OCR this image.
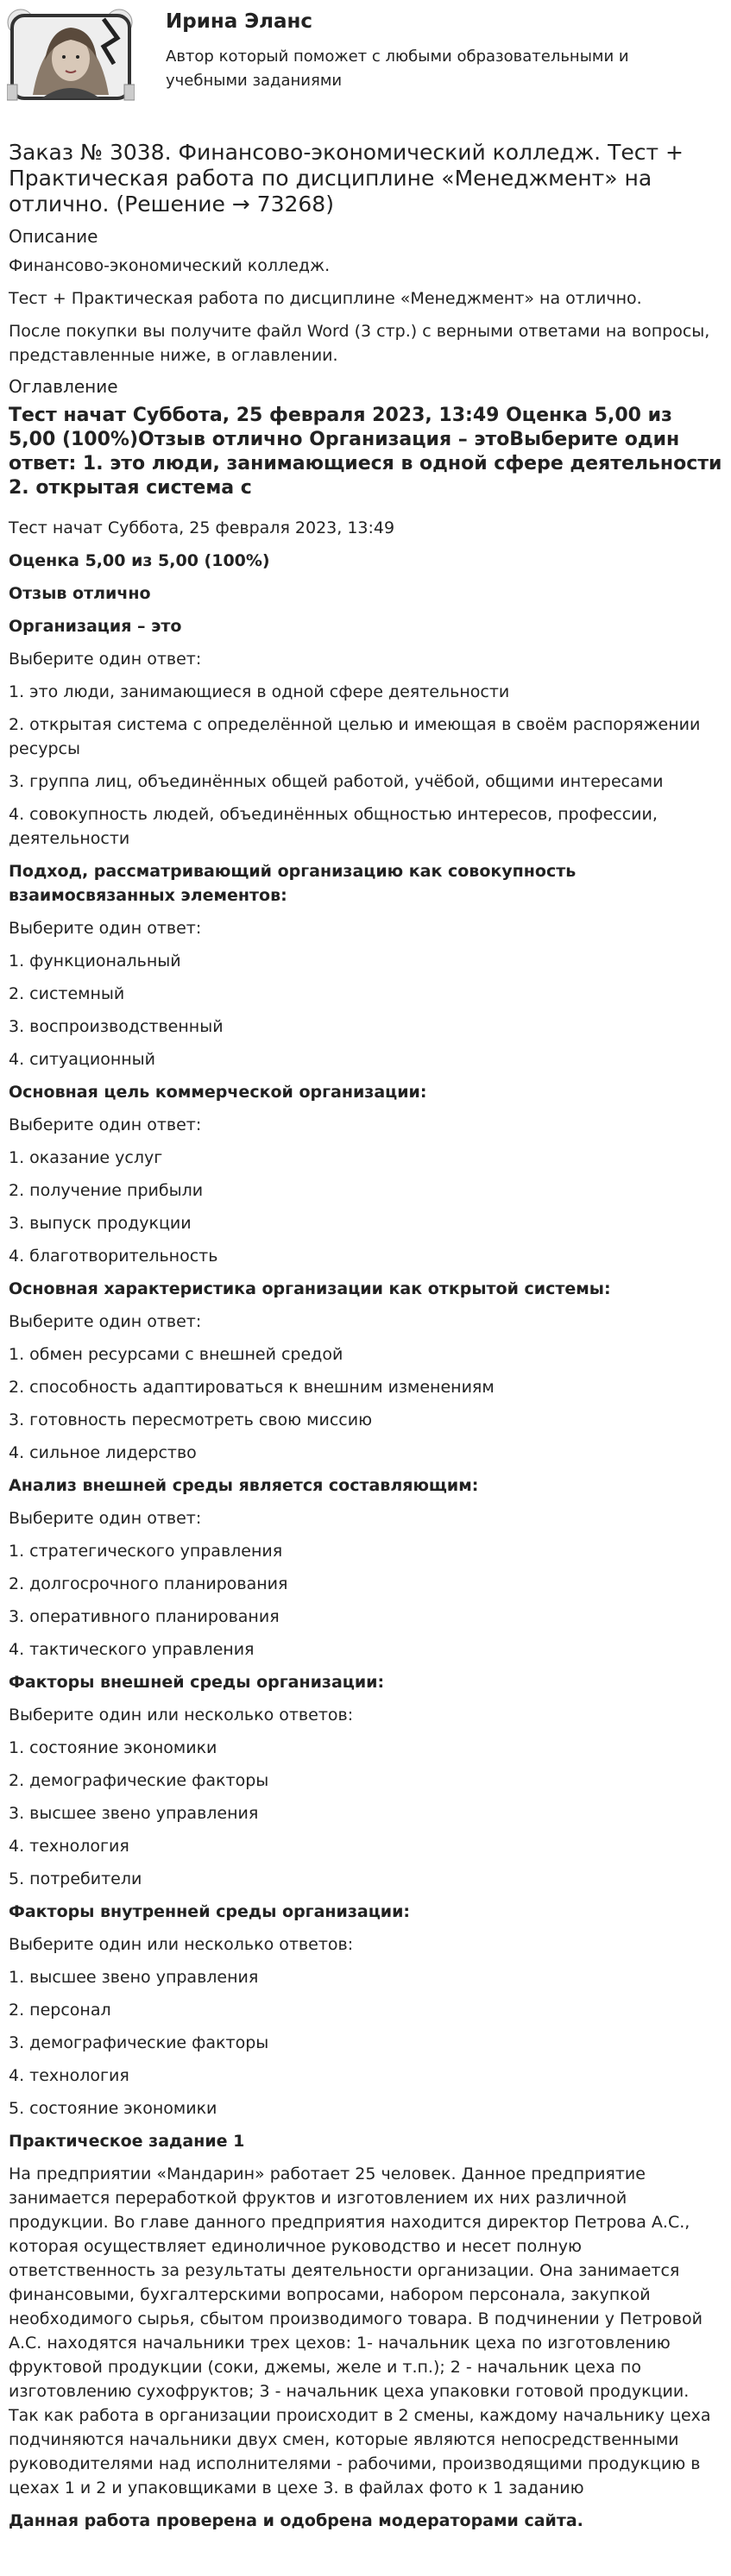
Ирина Эланс
Автор который поможет с любыми образовательными и учебными заданиями
Заказ № 3038. Финансово-экономический колледж. Тест + Практическая работа по дисциплине «Менеджмент» на отлично. (Решение → 73268)
Описание
Финансово-экономический колледж.
Тест + Практическая работа по дисциплине «Менеджмент» на отлично.
После покупки вы получите файл Word (3 стр.) с верными ответами на вопросы, представленные ниже, в оглавлении.
Оглавление
Тест начат Суббота, 25 февраля 2023, 13:49 Оценка 5,00 из 5,00 (100%)Отзыв отлично Организация – этоВыберите один ответ: 1. это люди, занимающиеся в одной сфере деятельности 2. открытая система с
Тест начат Суббота, 25 февраля 2023, 13:49
Оценка 5,00 из 5,00 (100%)
Отзыв отлично
Организация – это
Выберите один ответ:
1. это люди, занимающиеся в одной сфере деятельности
2. открытая система с определённой целью и имеющая в своём распоряжении ресурсы
3. группа лиц, объединённых общей работой, учёбой, общими интересами
4. совокупность людей, объединённых общностью интересов, профессии, деятельности
Подход, рассматривающий организацию как совокупность взаимосвязанных элементов:
Выберите один ответ:
1. функциональный
2. системный
3. воспроизводственный
4. ситуационный
Основная цель коммерческой организации:
Выберите один ответ:
1. оказание услуг
2. получение прибыли
3. выпуск продукции
4. благотворительность
Основная характеристика организации как открытой системы:
Выберите один ответ:
1. обмен ресурсами с внешней средой
2. способность адаптироваться к внешним изменениям
3. готовность пересмотреть свою миссию
4. сильное лидерство
Анализ внешней среды является составляющим:
Выберите один ответ:
1. стратегического управления
2. долгосрочного планирования
3. оперативного планирования
4. тактического управления
Факторы внешней среды организации:
Выберите один или несколько ответов:
1. состояние экономики
2. демографические факторы
3. высшее звено управления
4. технология
5. потребители
Факторы внутренней среды организации:
Выберите один или несколько ответов:
1. высшее звено управления
2. персонал
3. демографические факторы
4. технология
5. состояние экономики
Практическое задание 1
На предприятии «Мандарин» работает 25 человек. Данное предприятие занимается переработкой фруктов и изготовлением их них различной продукции. Во главе данного предприятия находится директор Петрова А.С., которая осуществляет единоличное руководство и несет полную ответственность за результаты деятельности организации. Она занимается финансовыми, бухгалтерскими вопросами, набором персонала, закупкой необходимого сырья, сбытом производимого товара. В подчинении у Петровой А.С. находятся начальники трех цехов: 1- начальник цеха по изготовлению фруктовой продукции (соки, джемы, желе и т.п.); 2 - начальник цеха по изготовлению сухофруктов; 3 - начальник цеха упаковки готовой продукции. Так как работа в организации происходит в 2 смены, каждому начальнику цеха подчиняются начальники двух смен, которые являются непосредственными руководителями над исполнителями - рабочими, производящими продукцию в цехах 1 и 2 и упаковщиками в цехе 3. в файлах фото к 1 заданию
Данная работа проверена и одобрена модераторами сайта.
